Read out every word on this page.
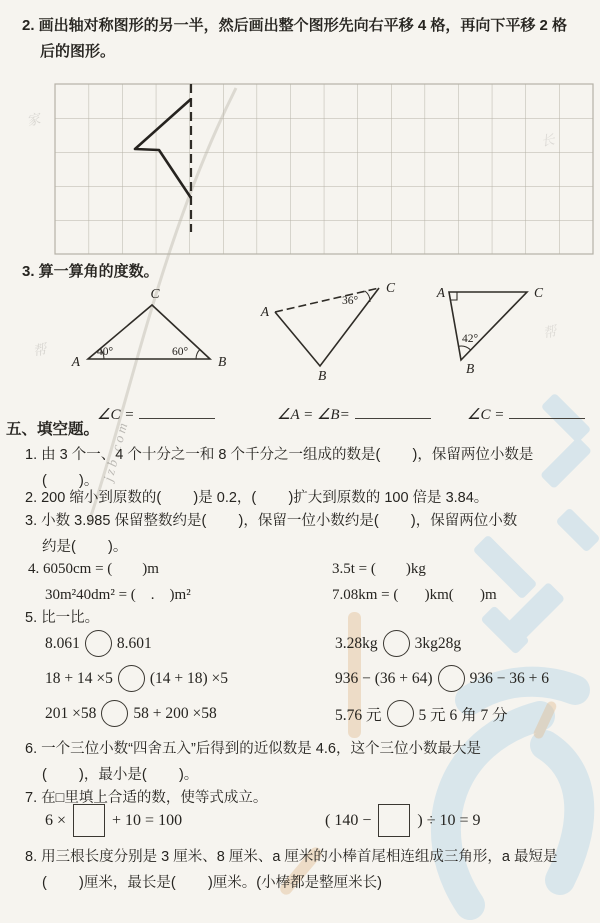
家
帮
帮
jzb.com
2. 画出轴对称图形的另一半，然后画出整个图形先向右平移 4 格，再向下平移 2 格
后的图形。
3. 算一算角的度数。
A	B
C
40°	60°
A
B
C
36°
A
B
C
42°

∠C =
	∠A = ∠B=
	∠C =

五、填空题。
1. 由 3 个一、4 个十分之一和 8 个千分之一组成的数是(        )，保留两位小数是
(        )。
2. 200 缩小到原数的(        )是 0.2，(        )扩大到原数的 100 倍是 3.84。
3. 小数 3.985 保留整数约是(        )，保留一位小数约是(        )，保留两位小数
约是(        )。
4. 6050cm = (        )m	3.5t = (        )kg
30m²40dm² = (    .    )m²	7.08km = (       )km(       )m
5. 比一比。
8.061 8.601	3.28kg 3kg28g
18 + 14 ×5 (14 + 18) ×5	936 − (36 + 64) 936 − 36 + 6
201 ×58 58 + 200 ×58	5.76 元 5 元 6 角 7 分
6. 一个三位小数“四舍五入”后得到的近似数是 4.6，这个三位小数最大是
(        )，最小是(        )。
7. 在□里填上合适的数，使等式成立。
6 ×	+ 10 = 100	( 140 −	) ÷ 10 = 9
8. 用三根长度分别是 3 厘米、8 厘米、a 厘米的小棒首尾相连组成三角形，a 最短是
(        )厘米，最长是(        )厘米。(小棒都是整厘米长)
